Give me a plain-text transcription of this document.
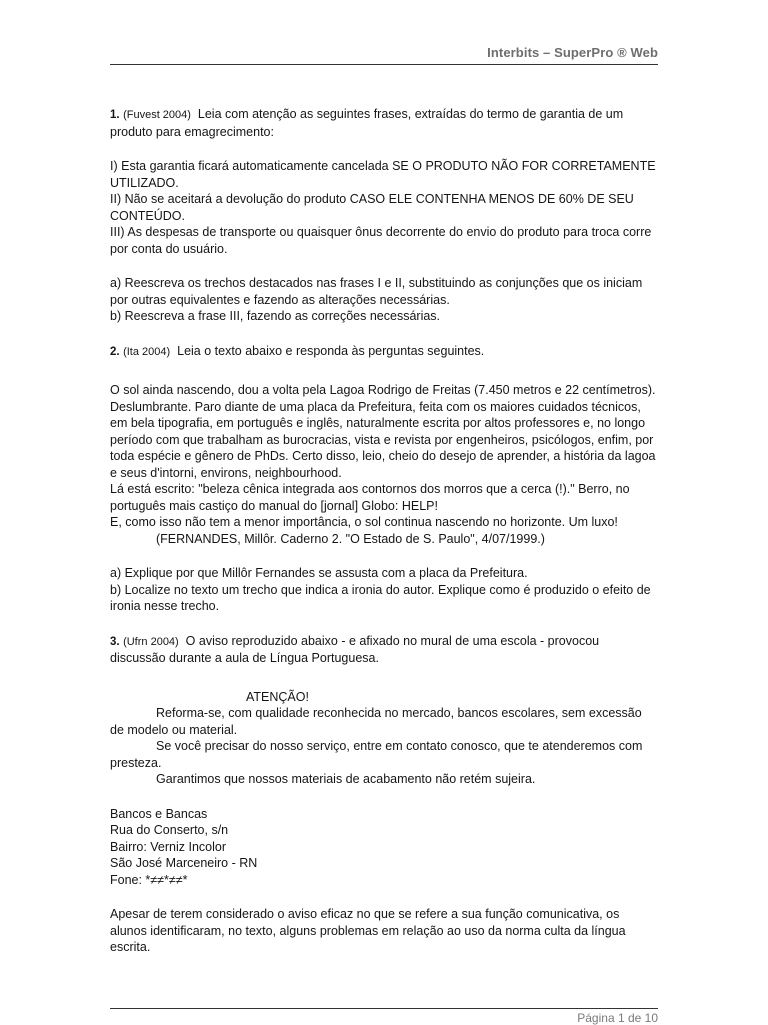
Interbits – SuperPro ® Web

1. (Fuvest 2004) Leia com atenção as seguintes frases, extraídas do termo de garantia de um produto para emagrecimento:

I) Esta garantia ficará automaticamente cancelada SE O PRODUTO NÃO FOR CORRETAMENTE UTILIZADO.

II) Não se aceitará a devolução do produto CASO ELE CONTENHA MENOS DE 60% DE SEU CONTEÚDO.

III) As despesas de transporte ou quaisquer ônus decorrente do envio do produto para troca corre por conta do usuário.

a) Reescreva os trechos destacados nas frases I e II, substituindo as conjunções que os iniciam por outras equivalentes e fazendo as alterações necessárias.

b) Reescreva a frase III, fazendo as correções necessárias.

2. (Ita 2004) Leia o texto abaixo e responda às perguntas seguintes.

O sol ainda nascendo, dou a volta pela Lagoa Rodrigo de Freitas (7.450 metros e 22 centímetros). Deslumbrante. Paro diante de uma placa da Prefeitura, feita com os maiores cuidados técnicos, em bela tipografia, em português e inglês, naturalmente escrita por altos professores e, no longo período com que trabalham as burocracias, vista e revista por engenheiros, psicólogos, enfim, por toda espécie e gênero de PhDs. Certo disso, leio, cheio do desejo de aprender, a história da lagoa e seus d'intorni, environs, neighbourhood.

Lá está escrito: "beleza cênica integrada aos contornos dos morros que a cerca (!)." Berro, no português mais castiço do manual do [jornal] Globo: HELP!

E, como isso não tem a menor importância, o sol continua nascendo no horizonte. Um luxo!

(FERNANDES, Millôr. Caderno 2. "O Estado de S. Paulo", 4/07/1999.)

a) Explique por que Millôr Fernandes se assusta com a placa da Prefeitura.

b) Localize no texto um trecho que indica a ironia do autor. Explique como é produzido o efeito de ironia nesse trecho.

3. (Ufrn 2004) O aviso reproduzido abaixo - e afixado no mural de uma escola - provocou discussão durante a aula de Língua Portuguesa.

ATENÇÃO!

Reforma-se, com qualidade reconhecida no mercado, bancos escolares, sem excessão de modelo ou material.

Se você precisar do nosso serviço, entre em contato conosco, que te atenderemos com presteza.

Garantimos que nossos materiais de acabamento não retém sujeira.

Bancos e Bancas

Rua do Conserto, s/n

Bairro: Verniz Incolor

São José Marceneiro - RN

Fone: *≠≠*≠≠*

Apesar de terem considerado o aviso eficaz no que se refere a sua função comunicativa, os alunos identificaram, no texto, alguns problemas em relação ao uso da norma culta da língua escrita.

Página 1 de 10
